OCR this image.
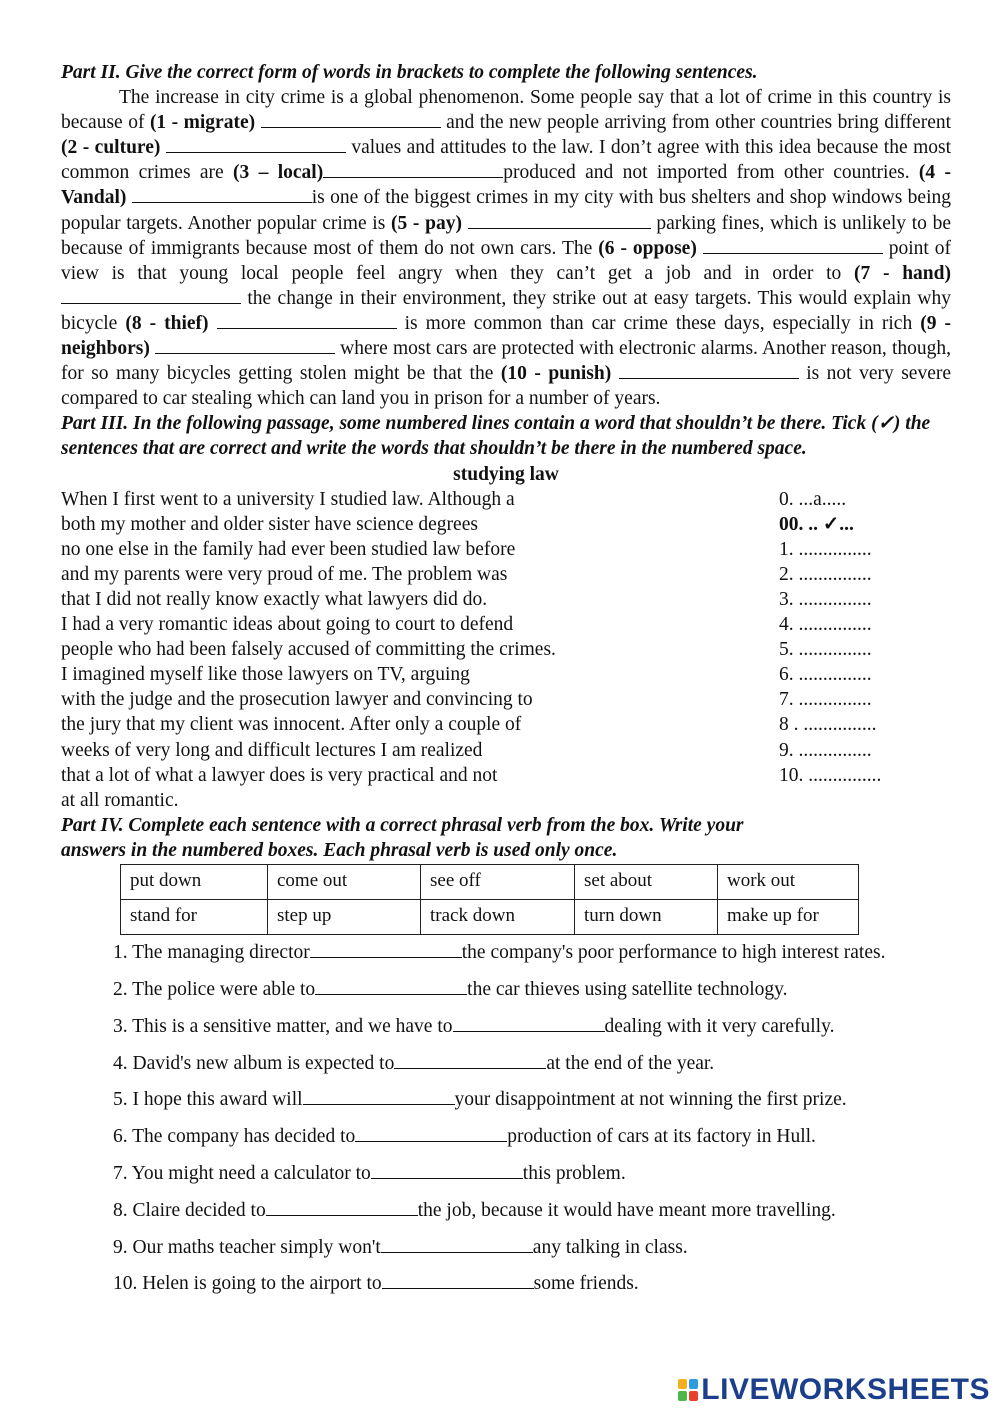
Part II. Give the correct form of words in brackets to complete the following sentences.
The increase in city crime is a global phenomenon. Some people say that a lot of crime in this country is because of (1 - migrate)	and the new people arriving from other countries bring different (2 - culture)	values and attitudes to the law. I don’t agree with this idea because the most common crimes are (3 – local)	produced and not imported from other countries. (4 - Vandal)	is one of the biggest crimes in my city with bus shelters and shop windows being popular targets. Another popular crime is (5 - pay)	parking fines, which is unlikely to be because of immigrants because most of them do not own cars. The (6 - oppose)	point of view is that young local people feel angry when they can’t get a job and in order to (7 - hand)  the change in their environment, they strike out at easy targets. This would explain why bicycle (8 - thief)	is more common than car crime these days, especially in rich (9 - neighbors)	where most cars are protected with electronic alarms. Another reason, though, for so many bicycles getting stolen might be that the (10 - punish)	is not very severe compared to car stealing which can land you in prison for a number of years.
Part III. In the following passage, some numbered lines contain a word that shouldn’t be there. Tick (✓) the sentences that are correct and write the words that shouldn’t be there in the numbered space.
studying law
When I first went to a university I studied law. Although a	0. ...a.....
both my mother and older sister have science degrees	00. .. ✓...
no one else in the family had ever been studied law before	1. ...............
and my parents were very proud of me. The problem was	2. ...............
that I did not really know exactly what lawyers did do.	3. ...............
I had a very romantic ideas about going to court to defend	4. ...............
people who had been falsely accused of committing the crimes.	5. ...............
I imagined myself like those lawyers on TV, arguing	6. ...............
with the judge and the prosecution lawyer and convincing to	7. ...............
the jury that my client was innocent. After only a couple of	8 . ...............
weeks of very long and difficult lectures I am realized	9. ...............
that a lot of what a lawyer does is very practical and not	10. ...............
at all romantic.
Part IV. Complete each sentence with a correct phrasal verb from the box. Write your
answers in the numbered boxes. Each phrasal verb is used only once.
put down	come out	see off	set about	work out
stand for	step up	track down	turn down	make up for
1. The managing director	the company's poor performance to high interest rates.
2. The police were able to	the car thieves using satellite technology.
3. This is a sensitive matter, and we have to	dealing with it very carefully.
4. David's new album is expected to	at the end of the year.
5. I hope this award will	your disappointment at not winning the first prize.
6. The company has decided to	production of cars at its factory in Hull.
7. You might need a calculator to	this problem.
8. Claire decided to	the job, because it would have meant more travelling.
9. Our maths teacher simply won't	any talking in class.
10. Helen is going to the airport to	some friends.
LIVEWORKSHEETS
